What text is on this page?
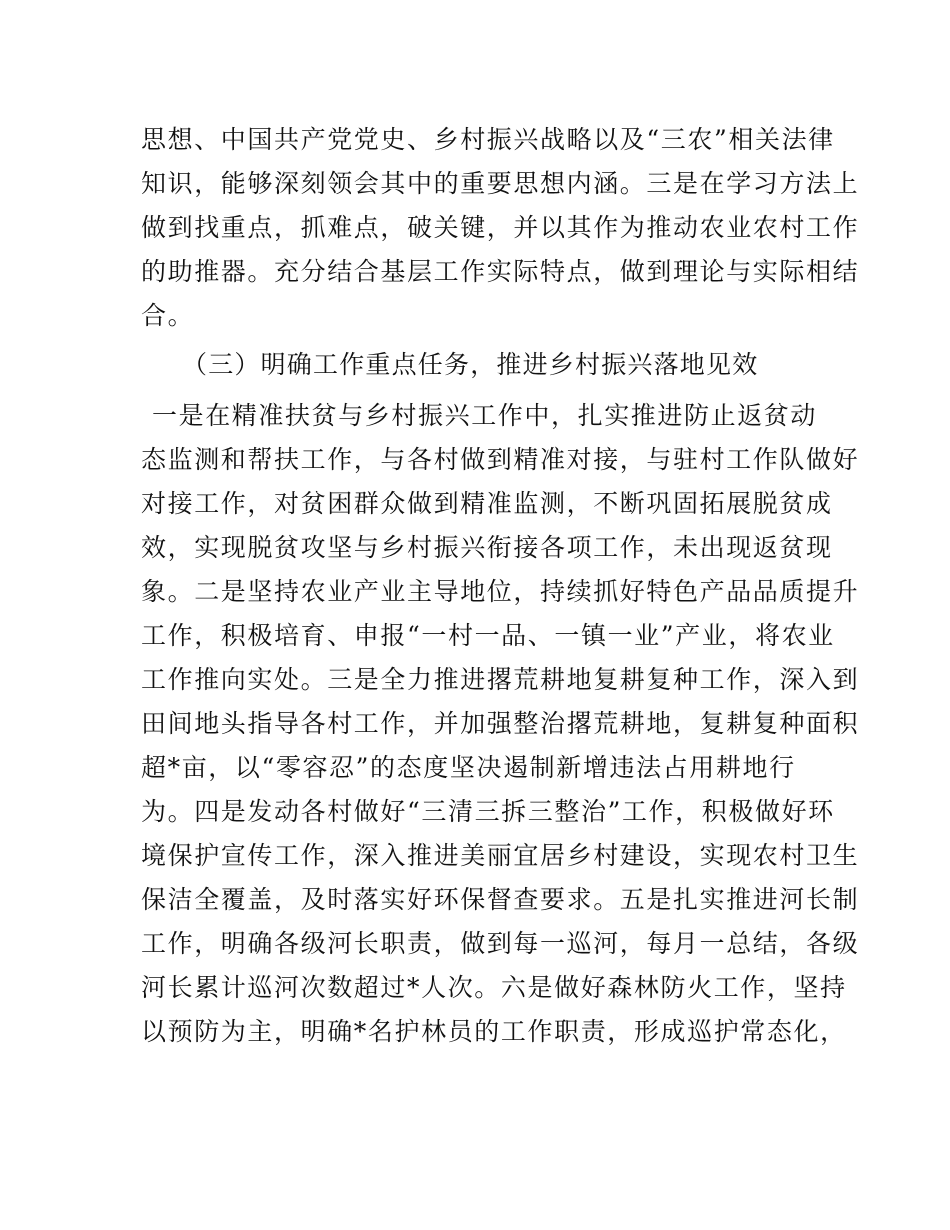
思想、中国共产党党史、乡村振兴战略以及“三农”相关法律
知识，能够深刻领会其中的重要思想内涵。三是在学习方法上
做到找重点，抓难点，破关键，并以其作为推动农业农村工作
的助推器。充分结合基层工作实际特点，做到理论与实际相结
合。
（三）明确工作重点任务，推进乡村振兴落地见效
一是在精准扶贫与乡村振兴工作中，扎实推进防止返贫动
态监测和帮扶工作，与各村做到精准对接，与驻村工作队做好
对接工作，对贫困群众做到精准监测，不断巩固拓展脱贫成
效，实现脱贫攻坚与乡村振兴衔接各项工作，未出现返贫现
象。二是坚持农业产业主导地位，持续抓好特色产品品质提升
工作，积极培育、申报“一村一品、一镇一业”产业，将农业
工作推向实处。三是全力推进撂荒耕地复耕复种工作，深入到
田间地头指导各村工作，并加强整治撂荒耕地，复耕复种面积
超*亩，以“零容忍”的态度坚决遏制新增违法占用耕地行
为。四是发动各村做好“三清三拆三整治”工作，积极做好环
境保护宣传工作，深入推进美丽宜居乡村建设，实现农村卫生
保洁全覆盖，及时落实好环保督查要求。五是扎实推进河长制
工作，明确各级河长职责，做到每一巡河，每月一总结，各级
河长累计巡河次数超过*人次。六是做好森林防火工作，坚持
以预防为主，明确*名护林员的工作职责，形成巡护常态化，
